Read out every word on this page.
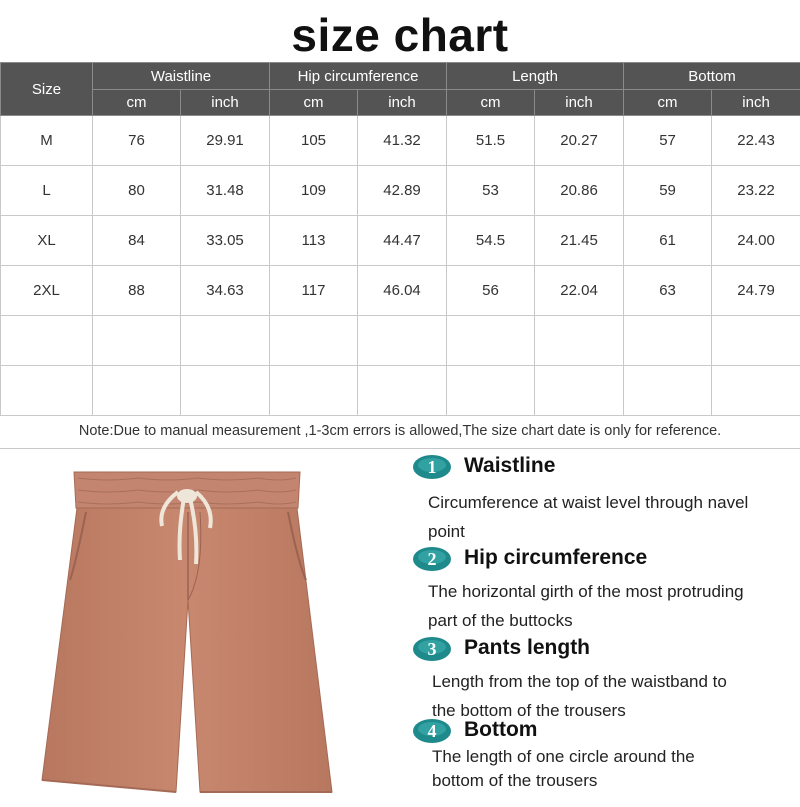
size chart
Size	Waistline		Hip circumference		Length		Bottom	
	cm	inch	cm	inch	cm	inch	cm	inch
M	76	29.91	105	41.32	51.5	20.27	57	22.43
L	80	31.48	109	42.89	53	20.86	59	23.22
XL	84	33.05	113	44.47	54.5	21.45	61	24.00
2XL	88	34.63	117	46.04	56	22.04	63	24.79

Note:Due to manual measurement ,1-3cm errors is allowed,The size chart date is only for reference.
1 Waistline
Circumference at waist level through navel
point
2 Hip circumference
The horizontal girth of the most protruding
part of the buttocks
3 Pants length
Length from the top of the waistband to
the bottom of the trousers
4 Bottom
The length of one circle around the
bottom of the trousers
